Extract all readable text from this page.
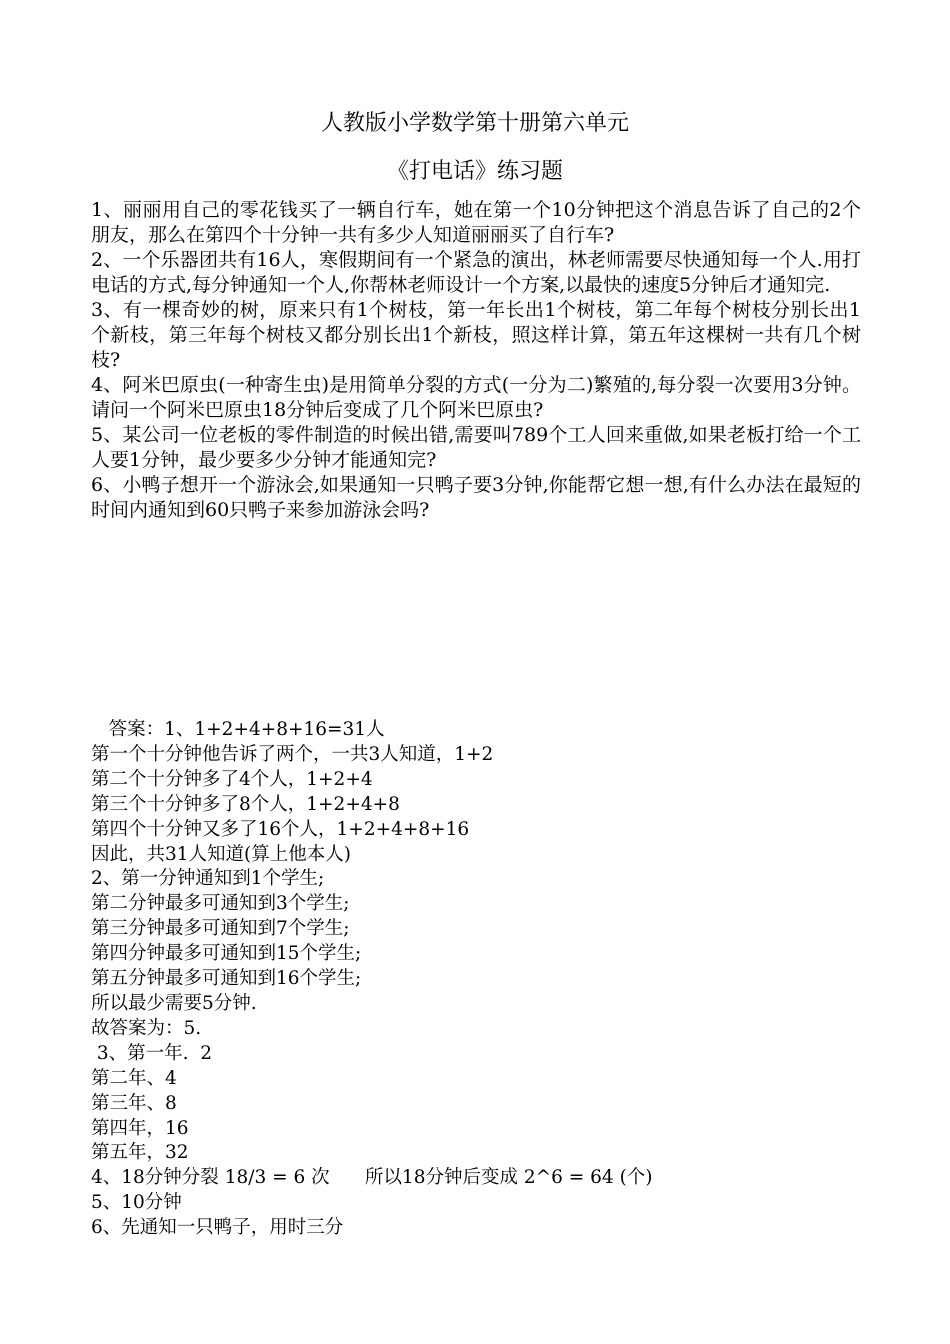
人教版小学数学第十册第六单元
《打电话》练习题

1、丽丽用自己的零花钱买了一辆自行车，她在第一个10分钟把这个消息告诉了自己的2个朋友，那么在第四个十分钟一共有多少人知道丽丽买了自行车?

2、一个乐器团共有16人，寒假期间有一个紧急的演出，林老师需要尽快通知每一个人.用打电话的方式,每分钟通知一个人,你帮林老师设计一个方案,以最快的速度5分钟后才通知完.

3、有一棵奇妙的树，原来只有1个树枝，第一年长出1个树枝，第二年每个树枝分别长出1个新枝，第三年每个树枝又都分别长出1个新枝，照这样计算，第五年这棵树一共有几个树枝?

4、阿米巴原虫(一种寄生虫)是用简单分裂的方式(一分为二)繁殖的,每分裂一次要用3分钟。请问一个阿米巴原虫18分钟后变成了几个阿米巴原虫?

5、某公司一位老板的零件制造的时候出错,需要叫789个工人回来重做,如果老板打给一个工人要1分钟，最少要多少分钟才能通知完?

6、小鸭子想开一个游泳会,如果通知一只鸭子要3分钟,你能帮它想一想,有什么办法在最短的时间内通知到60只鸭子来参加游泳会吗?

答案：1、1+2+4+8+16=31人

第一个十分钟他告诉了两个，一共3人知道，1+2

第二个十分钟多了4个人，1+2+4

第三个十分钟多了8个人，1+2+4+8

第四个十分钟又多了16个人，1+2+4+8+16

因此，共31人知道(算上他本人)

2、第一分钟通知到1个学生;

第二分钟最多可通知到3个学生;

第三分钟最多可通知到7个学生;

第四分钟最多可通知到15个学生;

第五分钟最多可通知到16个学生;

所以最少需要5分钟.

故答案为：5.

3、第一年.  2

第二年、4

第三年、8

第四年，16

第五年，32

4、18分钟分裂 18/3 = 6 次      所以18分钟后变成 2^6 = 64 (个)

5、10分钟

6、先通知一只鸭子，用时三分
